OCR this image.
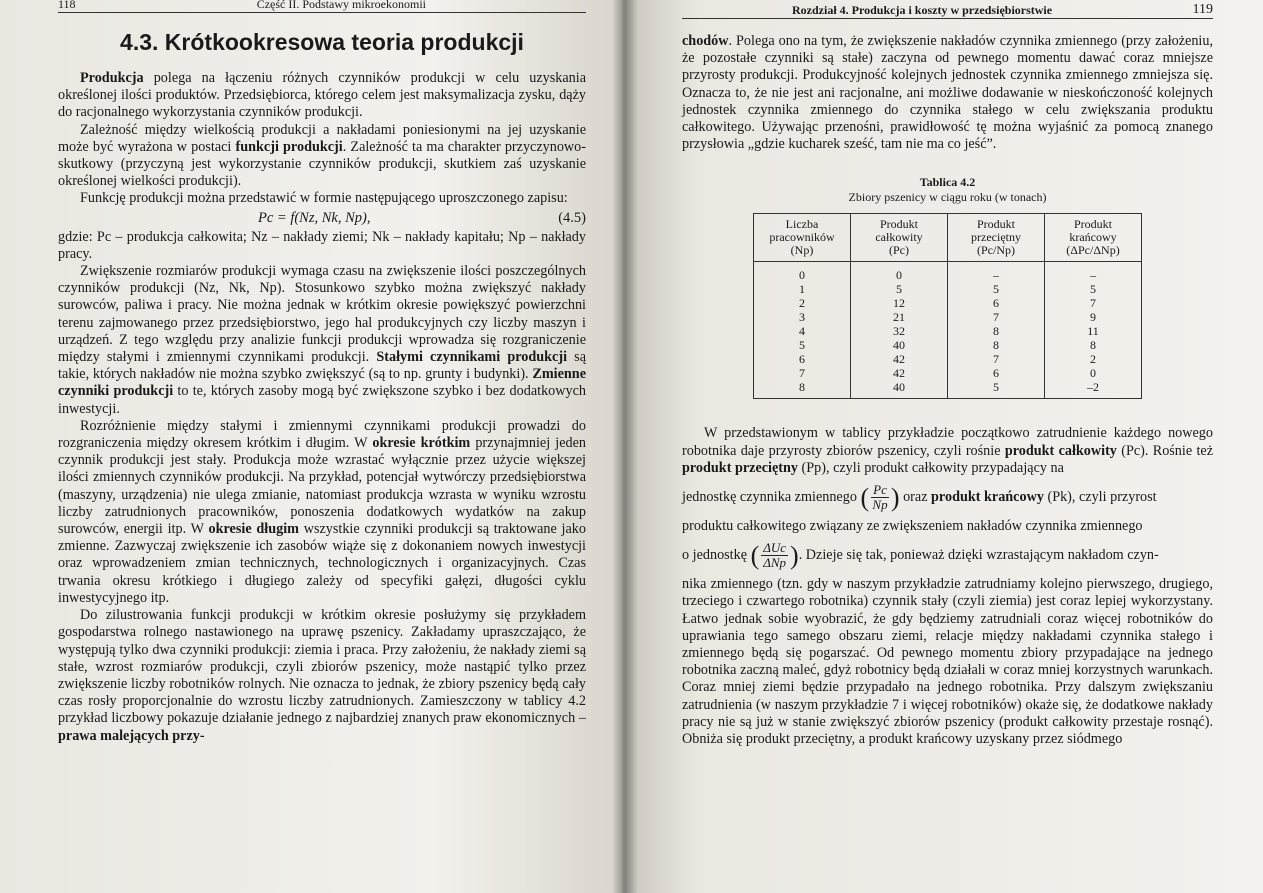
118	Część II. Podstawy mikroekonomii
4.3. Krótkookresowa teoria produkcji

Produkcja polega na łączeniu różnych czynników produkcji w celu uzyskania określonej ilości produktów. Przedsiębiorca, którego celem jest maksymalizacja zysku, dąży do racjonalnego wykorzystania czynników produkcji.

Zależność między wielkością produkcji a nakładami poniesionymi na jej uzyskanie może być wyrażona w postaci funkcji produkcji. Zależność ta ma charakter przyczynowo-skutkowy (przyczyną jest wykorzystanie czynników produkcji, skutkiem zaś uzyskanie określonej wielkości produkcji).

Funkcję produkcji można przedstawić w formie następującego uproszczonego zapisu:

Pc = f(Nz, Nk, Np),	(4.5)

gdzie: Pc – produkcja całkowita; Nz – nakłady ziemi; Nk – nakłady kapitału; Np – nakłady pracy.

Zwiększenie rozmiarów produkcji wymaga czasu na zwiększenie ilości poszczególnych czynników produkcji (Nz, Nk, Np). Stosunkowo szybko można zwiększyć nakłady surowców, paliwa i pracy. Nie można jednak w krótkim okresie powiększyć powierzchni terenu zajmowanego przez przedsiębiorstwo, jego hal produkcyjnych czy liczby maszyn i urządzeń. Z tego względu przy analizie funkcji produkcji wprowadza się rozgraniczenie między stałymi i zmiennymi czynnikami produkcji. Stałymi czynnikami produkcji są takie, których nakładów nie można szybko zwiększyć (są to np. grunty i budynki). Zmienne czynniki produkcji to te, których zasoby mogą być zwiększone szybko i bez dodatkowych inwestycji.

Rozróżnienie między stałymi i zmiennymi czynnikami produkcji prowadzi do rozgraniczenia między okresem krótkim i długim. W okresie krótkim przynajmniej jeden czynnik produkcji jest stały. Produkcja może wzrastać wyłącznie przez użycie większej ilości zmiennych czynników produkcji. Na przykład, potencjał wytwórczy przedsiębiorstwa (maszyny, urządzenia) nie ulega zmianie, natomiast produkcja wzrasta w wyniku wzrostu liczby zatrudnionych pracowników, ponoszenia dodatkowych wydatków na zakup surowców, energii itp. W okresie długim wszystkie czynniki produkcji są traktowane jako zmienne. Zazwyczaj zwiększenie ich zasobów wiąże się z dokonaniem nowych inwestycji oraz wprowadzeniem zmian technicznych, technologicznych i organizacyjnych. Czas trwania okresu krótkiego i długiego zależy od specyfiki gałęzi, długości cyklu inwestycyjnego itp.

Do zilustrowania funkcji produkcji w krótkim okresie posłużymy się przykładem gospodarstwa rolnego nastawionego na uprawę pszenicy. Zakładamy upraszczająco, że występują tylko dwa czynniki produkcji: ziemia i praca. Przy założeniu, że nakłady ziemi są stałe, wzrost rozmiarów produkcji, czyli zbiorów pszenicy, może nastąpić tylko przez zwiększenie liczby robotników rolnych. Nie oznacza to jednak, że zbiory pszenicy będą cały czas rosły proporcjonalnie do wzrostu liczby zatrudnionych. Zamieszczony w tablicy 4.2 przykład liczbowy pokazuje działanie jednego z najbardziej znanych praw ekonomicznych – prawa malejących przy-

Rozdział 4. Produkcja i koszty w przedsiębiorstwie	119

chodów. Polega ono na tym, że zwiększenie nakładów czynnika zmiennego (przy założeniu, że pozostałe czynniki są stałe) zaczyna od pewnego momentu dawać coraz mniejsze przyrosty produkcji. Produkcyjność kolejnych jednostek czynnika zmiennego zmniejsza się. Oznacza to, że nie jest ani racjonalne, ani możliwe dodawanie w nieskończoność kolejnych jednostek czynnika zmiennego do czynnika stałego w celu zwiększania produktu całkowitego. Używając przenośni, prawidłowość tę można wyjaśnić za pomocą znanego przysłowia „gdzie kucharek sześć, tam nie ma co jeść”.

Tablica 4.2
Zbiory pszenicy w ciągu roku (w tonach)
Liczba
pracowników
(Np)	Produkt
całkowity
(Pc)	Produkt
przeciętny
(Pc/Np)	Produkt
krańcowy
(ΔPc/ΔNp)
0	0	–	–
1	5	5	5
2	12	6	7
3	21	7	9
4	32	8	11
5	40	8	8
6	42	7	2
7	42	6	0
8	40	5	–2

W przedstawionym w tablicy przykładzie początkowo zatrudnienie każdego nowego robotnika daje przyrosty zbiorów pszenicy, czyli rośnie produkt całkowity (Pc). Rośnie też produkt przeciętny (Pp), czyli produkt całkowity przypadający na

jednostkę czynnika zmiennego ( $\frac{Pc}{Np}$ ) oraz produkt krańcowy (Pk), czyli przyrost

produktu całkowitego związany ze zwiększeniem nakładów czynnika zmiennego

o jednostkę ( $\frac{\text{ΔUc}}{\text{ΔNp}}$ ). Dzieje się tak, ponieważ dzięki wzrastającym nakładom czyn-

nika zmiennego (tzn. gdy w naszym przykładzie zatrudniamy kolejno pierwszego, drugiego, trzeciego i czwartego robotnika) czynnik stały (czyli ziemia) jest coraz lepiej wykorzystany. Łatwo jednak sobie wyobrazić, że gdy będziemy zatrudniali coraz więcej robotników do uprawiania tego samego obszaru ziemi, relacje między nakładami czynnika stałego i zmiennego będą się pogarszać. Od pewnego momentu zbiory przypadające na jednego robotnika zaczną maleć, gdyż robotnicy będą działali w coraz mniej korzystnych warunkach. Coraz mniej ziemi będzie przypadało na jednego robotnika. Przy dalszym zwiększaniu zatrudnienia (w naszym przykładzie 7 i więcej robotników) okaże się, że dodatkowe nakłady pracy nie są już w stanie zwiększyć zbiorów pszenicy (produkt całkowity przestaje rosnąć). Obniża się produkt przeciętny, a produkt krańcowy uzyskany przez siódmego
